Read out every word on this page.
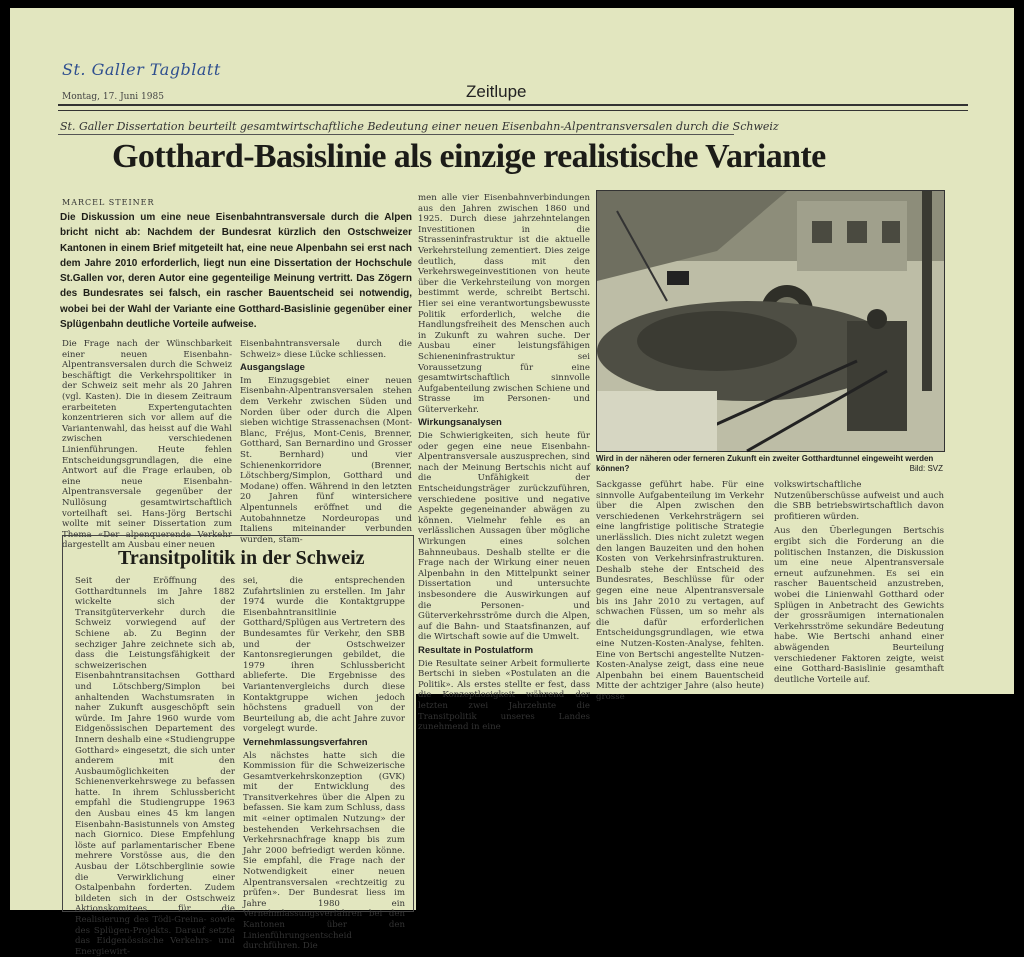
St. Galler Tagblatt
Montag, 17. Juni 1985	Zeitlupe
St. Galler Dissertation beurteilt gesamtwirtschaftliche Bedeutung einer neuen Eisenbahn-Alpentransversalen durch die Schweiz
Gotthard-Basislinie als einzige realistische Variante
MARCEL STEINER
Die Diskussion um eine neue Eisenbahntransversale durch die Alpen bricht nicht ab: Nachdem der Bundesrat kürzlich den Ostschweizer Kantonen in einem Brief mitgeteilt hat, eine neue Alpenbahn sei erst nach dem Jahre 2010 erforderlich, liegt nun eine Dissertation der Hochschule St.Gallen vor, deren Autor eine gegenteilige Meinung vertritt. Das Zögern des Bundesrates sei falsch, ein rascher Bauentscheid sei notwendig, wobei bei der Wahl der Variante eine Gotthard-Basislinie gegenüber einer Splügenbahn deutliche Vorteile aufweise.

Die Frage nach der Wünschbarkeit einer neuen Eisenbahn-Alpentransversalen durch die Schweiz beschäftigt die Verkehrspolitiker in der Schweiz seit mehr als 20 Jahren (vgl. Kasten). Die in diesem Zeitraum erarbeiteten Expertengutachten konzentrieren sich vor allem auf die Variantenwahl, das heisst auf die Wahl zwischen verschiedenen Linienführungen. Heute fehlen Entscheidungsgrundlagen, die eine Antwort auf die Frage erlauben, ob eine neue Eisenbahn-Alpentransversale gegenüber der Nullösung gesamtwirtschaftlich vorteilhaft sei. Hans-Jörg Bertschi wollte mit seiner Dissertation zum Thema «Der alpenquerende Verkehr dargestellt am Ausbau einer neuen

Eisenbahntransversale durch die Schweiz» diese Lücke schliessen.

Ausgangslage

Im Einzugsgebiet einer neuen Eisenbahn-Alpentransversalen stehen dem Verkehr zwischen Süden und Norden über oder durch die Alpen sieben wichtige Strassenachsen (Mont-Blanc, Fréjus, Mont-Cenis, Brenner, Gotthard, San Bernardino und Grosser St. Bernhard) und vier Schienenkorridore (Brenner, Lötschberg/Simplon, Gotthard und Modane) offen. Während in den letzten 20 Jahren fünf wintersichere Alpentunnels eröffnet und die Autobahnnetze Nordeuropas und Italiens miteinander verbunden wurden, stam-

men alle vier Eisenbahnverbindungen aus den Jahren zwischen 1860 und 1925. Durch diese jahrzehntelangen Investitionen in die Strasseninfrastruktur ist die aktuelle Verkehrsteilung zementiert. Dies zeige deutlich, dass mit den Verkehrswegeinvestitionen von heute über die Verkehrsteilung von morgen bestimmt werde, schreibt Bertschi. Hier sei eine verantwortungsbewusste Politik erforderlich, welche die Handlungsfreiheit des Menschen auch in Zukunft zu wahren suche. Der Ausbau einer leistungsfähigen Schieneninfrastruktur sei Voraussetzung für eine gesamtwirtschaftlich sinnvolle Aufgabenteilung zwischen Schiene und Strasse im Personen- und Güterverkehr.

Wirkungsanalysen

Die Schwierigkeiten, sich heute für oder gegen eine neue Eisenbahn-Alpentransversale auszusprechen, sind nach der Meinung Bertschis nicht auf die Unfähigkeit der Entscheidungsträger zurückzuführen, verschiedene positive und negative Aspekte gegeneinander abwägen zu können. Vielmehr fehle es an verlässlichen Aussagen über mögliche Wirkungen eines solchen Bahnneubaus. Deshalb stellte er die Frage nach der Wirkung einer neuen Alpenbahn in den Mittelpunkt seiner Dissertation und untersuchte insbesondere die Auswirkungen auf die Personen- und Güterverkehrsströme durch die Alpen, auf die Bahn- und Staatsfinanzen, auf die Wirtschaft sowie auf die Umwelt.

Resultate in Postulatform

Die Resultate seiner Arbeit formulierte Bertschi in sieben «Postulaten an die Politik». Als erstes stellte er fest, dass die Konzeptlosigkeit während der letzten zwei Jahrzehnte die Transitpolitik unseres Landes zunehmend in eine

Wird in der näheren oder ferneren Zukunft ein zweiter Gotthardtunnel eingeweiht werden können?	Bild: SVZ

Sackgasse geführt habe. Für eine sinnvolle Aufgabenteilung im Verkehr über die Alpen zwischen den verschiedenen Verkehrsträgern sei eine langfristige politische Strategie unerlässlich. Dies nicht zuletzt wegen den langen Bauzeiten und den hohen Kosten von Verkehrsinfrastrukturen. Deshalb stehe der Entscheid des Bundesrates, Beschlüsse für oder gegen eine neue Alpentransversale bis ins Jahr 2010 zu vertagen, auf schwachen Füssen, um so mehr als die dafür erforderlichen Entscheidungsgrundlagen, wie etwa eine Nutzen-Kosten-Analyse, fehlten. Eine von Bertschi angestellte Nutzen-Kosten-Analyse zeigt, dass eine neue Alpenbahn bei einem Bauentscheid Mitte der achtziger Jahre (also heute) grosse

volkswirtschaftliche Nutzenüberschüsse aufweist und auch die SBB betriebswirtschaftlich davon profitieren würden.

Aus den Überlegungen Bertschis ergibt sich die Forderung an die politischen Instanzen, die Diskussion um eine neue Alpentransversale erneut aufzunehmen. Es sei ein rascher Bauentscheid anzustreben, wobei die Linienwahl Gotthard oder Splügen in Anbetracht des Gewichts der grossräumigen internationalen Verkehrsströme sekundäre Bedeutung habe. Wie Bertschi anhand einer abwägenden Beurteilung verschiedener Faktoren zeigte, weist eine Gotthard-Basislinie gesamthaft deutliche Vorteile auf.

Transitpolitik in der Schweiz

Seit der Eröffnung des Gotthardtunnels im Jahre 1882 wickelte sich der Transitgüterverkehr durch die Schweiz vorwiegend auf der Schiene ab. Zu Beginn der sechziger Jahre zeichnete sich ab, dass die Leistungsfähigkeit der schweizerischen Eisenbahntransitachsen Gotthard und Lötschberg/Simplon bei anhaltenden Wachstumsraten in naher Zukunft ausgeschöpft sein würde. Im Jahre 1960 wurde vom Eidgenössischen Departement des Innern deshalb eine «Studiengruppe Gotthard» eingesetzt, die sich unter anderem mit den Ausbaumöglichkeiten der Schienenverkehrswege zu befassen hatte. In ihrem Schlussbericht empfahl die Studiengruppe 1963 den Ausbau eines 45 km langen Eisenbahn-Basistunnels von Amsteg nach Giornico. Diese Empfehlung löste auf parlamentarischer Ebene mehrere Vorstösse aus, die den Ausbau der Lötschberglinie sowie die Verwirklichung einer Ostalpenbahn forderten. Zudem bildeten sich in der Ostschweiz Aktionskomitees für die Realisierung des Tödi-Greina- sowie des Splügen-Projekts. Darauf setzte das Eidgenössische Verkehrs- und Energiewirt-

sei, die entsprechenden Zufahrtslinien zu erstellen. Im Jahr 1974 wurde die Kontaktgruppe Eisenbahntransitlinie Gotthard/Splügen aus Vertretern des Bundesamtes für Verkehr, den SBB und der Ostschweizer Kantonsregierungen gebildet, die 1979 ihren Schlussbericht ablieferte. Die Ergebnisse des Variantenvergleichs durch diese Kontaktgruppe wichen jedoch höchstens graduell von der Beurteilung ab, die acht Jahre zuvor vorgelegt wurde.

Vernehmlassungsverfahren

Als nächstes hatte sich die Kommission für die Schweizerische Gesamtverkehrskonzeption (GVK) mit der Entwicklung des Transitverkehres über die Alpen zu befassen. Sie kam zum Schluss, dass mit «einer optimalen Nutzung» der bestehenden Verkehrsachsen die Verkehrsnachfrage knapp bis zum Jahr 2000 befriedigt werden könne. Sie empfahl, die Frage nach der Notwendigkeit einer neuen Alpentransversalen «rechtzeitig zu prüfen». Der Bundesrat liess im Jahre 1980 ein Vernehmlassungsverfahren bei den Kantonen über den Linienführungsentscheid durchführen. Die
